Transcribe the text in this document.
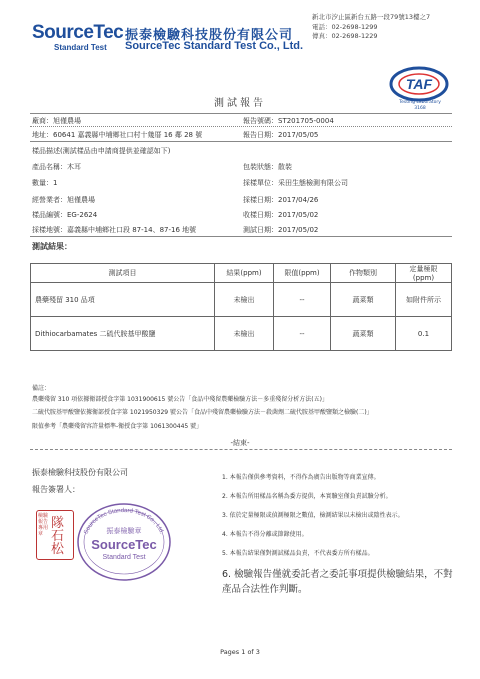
SourceTec
Standard Test
振泰檢驗科技股份有限公司
SourceTec Standard Test Co., Ltd.
新北市汐止區新台五路一段79號13樓之7
電話：02-2698-1299
傳真：02-2698-1229
TAF
Testing Laboratory
3168
測試報告
廠商：旭僅農場	報告號碼：ST201705-0004
地址：60641 嘉義縣中埔鄉社口村十幾厝 16 鄰 28 號	報告日期：2017/05/05
樣品描述(測試樣品由申請商提供並確認如下)
產品名稱：木耳	包裝狀態：散裝
數量：1	採樣單位：采田生態檢測有限公司
經營業者：旭僅農場	採樣日期：2017/04/26
樣品編號：EG-2624	收樣日期：2017/05/02
採樣地號：嘉義縣中埔鄉社口段 87-14、87-16 地號	測試日期：2017/05/02
測試結果：
測試項目	結果(ppm)	限值(ppm)	作物類別	定量極限(ppm)
農藥殘留 310 品項	未檢出	--	蔬菜類	如附件所示
Dithiocarbamates 二硫代胺基甲酸鹽	未檢出	--	蔬菜類	0.1
備註：
農藥殘留 310 項依據衛部授食字第 1031900615 號公告「食品中殘留農藥檢驗方法－多重殘留分析方法(五)」
二硫代胺基甲酸鹽依據衛部授食字第 1021950329 號公告「食品中殘留農藥檢驗方法－殺菌劑二硫代胺基甲酸鹽類之檢驗(二)」
限值參考「農藥殘留容許量標準-衛授食字第 1061300445 號」
-結束-
振泰檢驗科技股份有限公司
報告簽署人：
檢驗報告專用章
隊石松
SourceTec Standard Test Co., Ltd.
振泰檢驗章
SourceTec
Standard Test
1. 本報告僅供參考資料，不得作為廣告出版物等商業宣傳。
2. 本報告所用樣品名稱為委方提供，本實驗室僅負責試驗分析。
3. 依於定量極限或偵測極限之數值，檢測結果以未檢出或陰性表示。
4. 本報告不得分離或節錄使用。
5. 本報告結果僅對測試樣品負責，不代表委方所有樣品。
6. 檢驗報告僅就委託者之委託事項提供檢驗結果，不對產品合法性作判斷。
Pages 1 of 3
